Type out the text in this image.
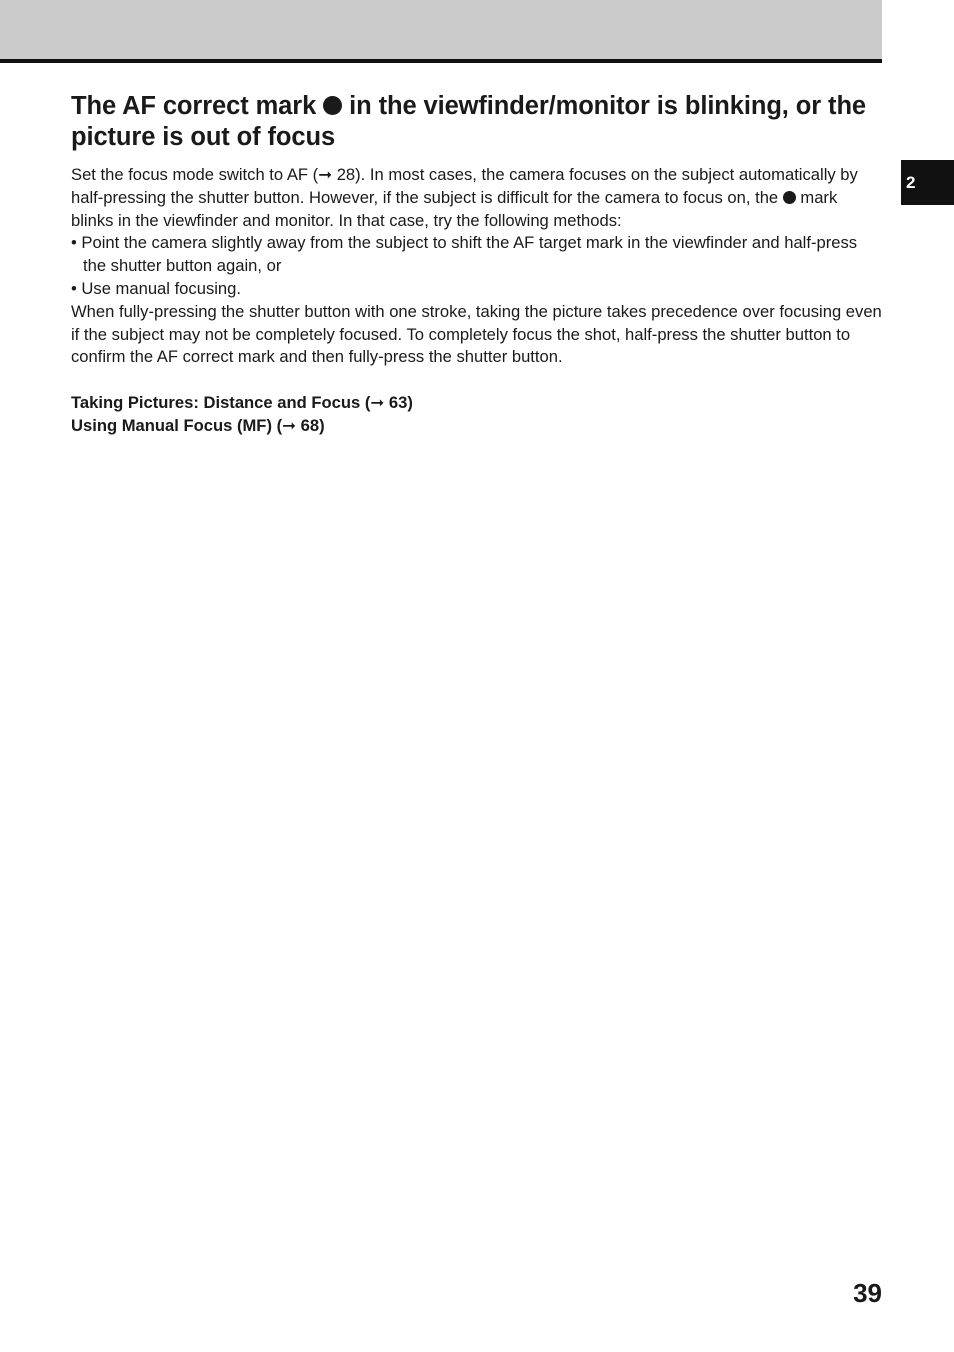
2
The AF correct mark  in the viewfinder/monitor is blinking, or the picture is out of focus

Set the focus mode switch to AF (➞ 28). In most cases, the camera focuses on the subject automatically by half-pressing the shutter button. However, if the subject is difficult for the camera to focus on, the  mark blinks in the viewfinder and monitor. In that case, try the following methods:

• Point the camera slightly away from the subject to shift the AF target mark in the viewfinder and half-press the shutter button again, or

• Use manual focusing.

When fully-pressing the shutter button with one stroke, taking the picture takes precedence over focusing even if the subject may not be completely focused. To completely focus the shot, half-press the shutter button to confirm the AF correct mark and then fully-press the shutter button.

Taking Pictures: Distance and Focus (➞ 63)
Using Manual Focus (MF) (➞ 68)
39
